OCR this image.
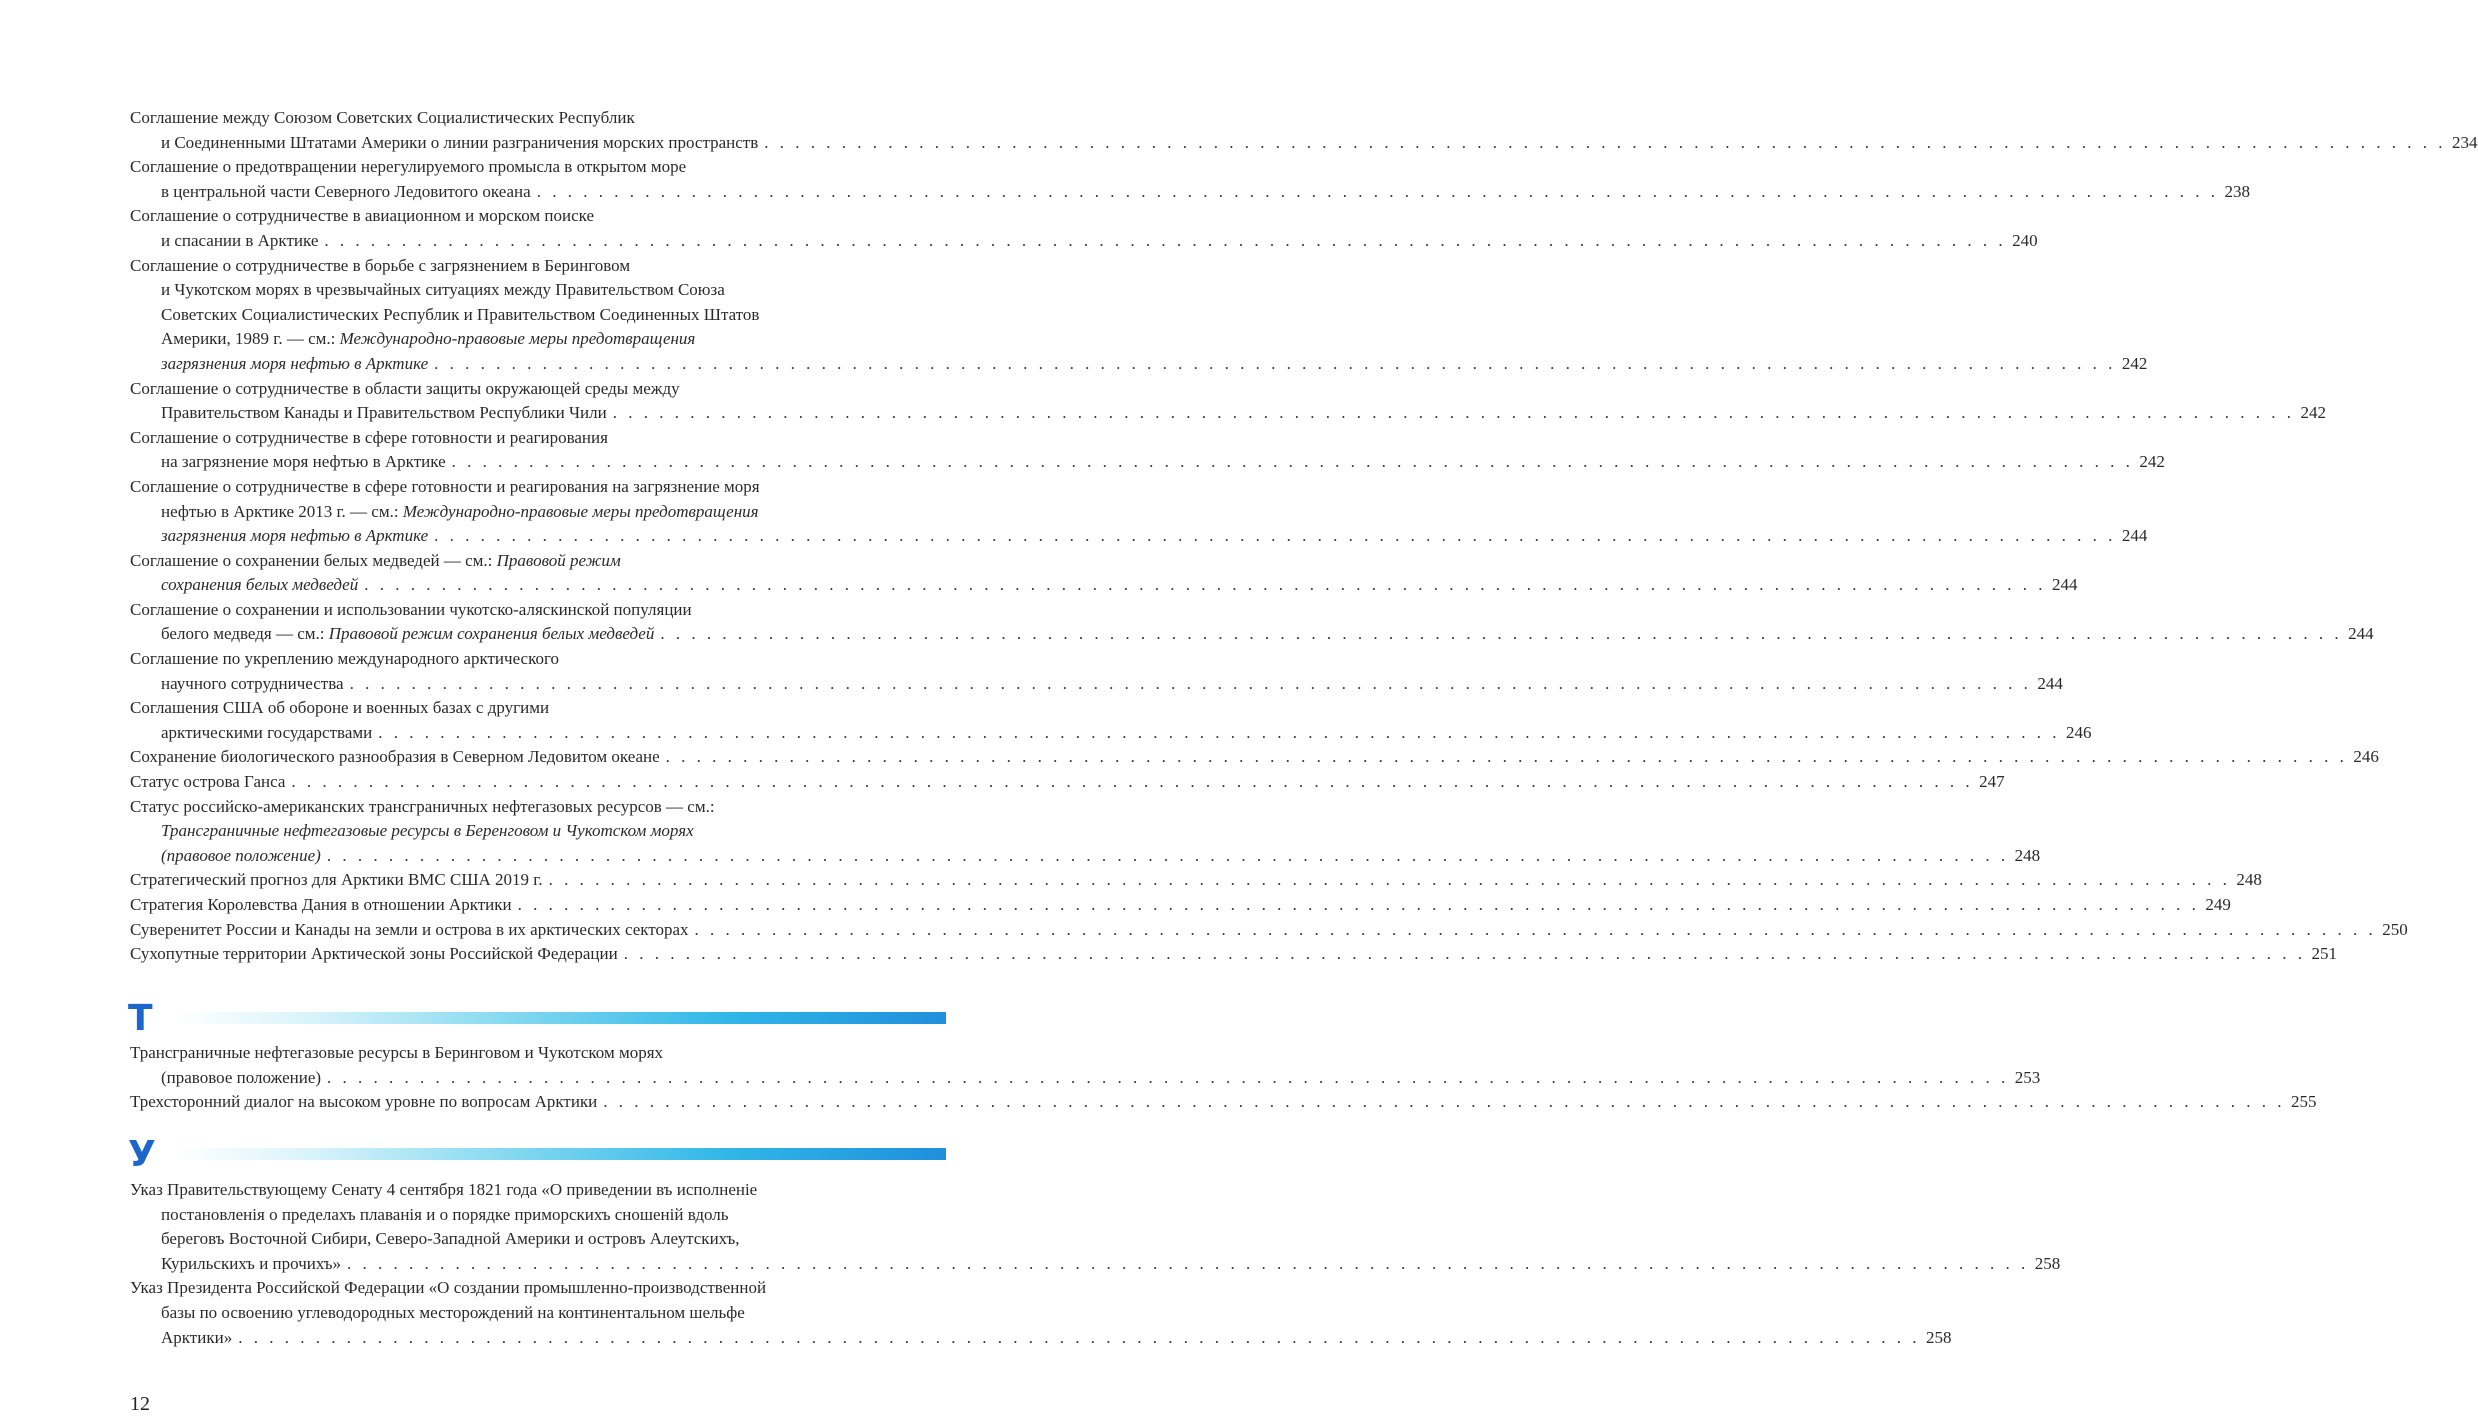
Соглашение между Союзом Советских Социалистических Республик
и Соединенными Штатами Америки о линии разграничения морских пространств . . . . . . . . . . . . . . . . . . . . . . . . . . . . . . . . . . . . . . . . . . . . . . . . . . . . . . . . . . . . . . . . . . . . . . . . . . . . . . . . . . . . . . . . . . . . . . . . . . . . . . . . . . . . . 234
Соглашение о предотвращении нерегулируемого промысла в открытом море
в центральной части Северного Ледовитого океана . . . . . . . . . . . . . . . . . . . . . . . . . . . . . . . . . . . . . . . . . . . . . . . . . . . . . . . . . . . . . . . . . . . . . . . . . . . . . . . . . . . . . . . . . . . . . . . . . . . . . . . . . . . . . 238
Соглашение о сотрудничестве в авиационном и морском поиске
и спасании в Арктике . . . . . . . . . . . . . . . . . . . . . . . . . . . . . . . . . . . . . . . . . . . . . . . . . . . . . . . . . . . . . . . . . . . . . . . . . . . . . . . . . . . . . . . . . . . . . . . . . . . . . . . . . . . . . 240
Соглашение о сотрудничестве в борьбе с загрязнением в Беринговом
и Чукотском морях в чрезвычайных ситуациях между Правительством Союза
Советских Социалистических Республик и Правительством Соединенных Штатов
Америки, 1989 г. — см.: Международно-правовые меры предотвращения
загрязнения моря нефтью в Арктике . . . . . . . . . . . . . . . . . . . . . . . . . . . . . . . . . . . . . . . . . . . . . . . . . . . . . . . . . . . . . . . . . . . . . . . . . . . . . . . . . . . . . . . . . . . . . . . . . . . . . . . . . . . . . 242
Соглашение о сотрудничестве в области защиты окружающей среды между
Правительством Канады и Правительством Республики Чили . . . . . . . . . . . . . . . . . . . . . . . . . . . . . . . . . . . . . . . . . . . . . . . . . . . . . . . . . . . . . . . . . . . . . . . . . . . . . . . . . . . . . . . . . . . . . . . . . . . . . . . . . . . . . 242
Соглашение о сотрудничестве в сфере готовности и реагирования
на загрязнение моря нефтью в Арктике . . . . . . . . . . . . . . . . . . . . . . . . . . . . . . . . . . . . . . . . . . . . . . . . . . . . . . . . . . . . . . . . . . . . . . . . . . . . . . . . . . . . . . . . . . . . . . . . . . . . . . . . . . . . . 242
Соглашение о сотрудничестве в сфере готовности и реагирования на загрязнение моря
нефтью в Арктике 2013 г. — см.: Международно-правовые меры предотвращения
загрязнения моря нефтью в Арктике . . . . . . . . . . . . . . . . . . . . . . . . . . . . . . . . . . . . . . . . . . . . . . . . . . . . . . . . . . . . . . . . . . . . . . . . . . . . . . . . . . . . . . . . . . . . . . . . . . . . . . . . . . . . . 244
Соглашение о сохранении белых медведей — см.: Правовой режим
сохранения белых медведей . . . . . . . . . . . . . . . . . . . . . . . . . . . . . . . . . . . . . . . . . . . . . . . . . . . . . . . . . . . . . . . . . . . . . . . . . . . . . . . . . . . . . . . . . . . . . . . . . . . . . . . . . . . . . 244
Соглашение о сохранении и использовании чукотско-аляскинской популяции
белого медведя — см.: Правовой режим сохранения белых медведей . . . . . . . . . . . . . . . . . . . . . . . . . . . . . . . . . . . . . . . . . . . . . . . . . . . . . . . . . . . . . . . . . . . . . . . . . . . . . . . . . . . . . . . . . . . . . . . . . . . . . . . . . . . . . 244
Соглашение по укреплению международного арктического
научного сотрудничества . . . . . . . . . . . . . . . . . . . . . . . . . . . . . . . . . . . . . . . . . . . . . . . . . . . . . . . . . . . . . . . . . . . . . . . . . . . . . . . . . . . . . . . . . . . . . . . . . . . . . . . . . . . . . 244
Соглашения США об обороне и военных базах с другими
арктическими государствами . . . . . . . . . . . . . . . . . . . . . . . . . . . . . . . . . . . . . . . . . . . . . . . . . . . . . . . . . . . . . . . . . . . . . . . . . . . . . . . . . . . . . . . . . . . . . . . . . . . . . . . . . . . . . 246
Сохранение биологического разнообразия в Северном Ледовитом океане . . . . . . . . . . . . . . . . . . . . . . . . . . . . . . . . . . . . . . . . . . . . . . . . . . . . . . . . . . . . . . . . . . . . . . . . . . . . . . . . . . . . . . . . . . . . . . . . . . . . . . . . . . . . . 246
Статус острова Ганса . . . . . . . . . . . . . . . . . . . . . . . . . . . . . . . . . . . . . . . . . . . . . . . . . . . . . . . . . . . . . . . . . . . . . . . . . . . . . . . . . . . . . . . . . . . . . . . . . . . . . . . . . . . . . 247
Статус российско-американских трансграничных нефтегазовых ресурсов — см.:
Трансграничные нефтегазовые ресурсы в Беренговом и Чукотском морях
(правовое положение) . . . . . . . . . . . . . . . . . . . . . . . . . . . . . . . . . . . . . . . . . . . . . . . . . . . . . . . . . . . . . . . . . . . . . . . . . . . . . . . . . . . . . . . . . . . . . . . . . . . . . . . . . . . . . 248
Стратегический прогноз для Арктики ВМС США 2019 г. . . . . . . . . . . . . . . . . . . . . . . . . . . . . . . . . . . . . . . . . . . . . . . . . . . . . . . . . . . . . . . . . . . . . . . . . . . . . . . . . . . . . . . . . . . . . . . . . . . . . . . . . . . . . . 248
Стратегия Королевства Дания в отношении Арктики . . . . . . . . . . . . . . . . . . . . . . . . . . . . . . . . . . . . . . . . . . . . . . . . . . . . . . . . . . . . . . . . . . . . . . . . . . . . . . . . . . . . . . . . . . . . . . . . . . . . . . . . . . . . . 249
Суверенитет России и Канады на земли и острова в их арктических секторах . . . . . . . . . . . . . . . . . . . . . . . . . . . . . . . . . . . . . . . . . . . . . . . . . . . . . . . . . . . . . . . . . . . . . . . . . . . . . . . . . . . . . . . . . . . . . . . . . . . . . . . . . . . . . 250
Сухопутные территории Арктической зоны Российской Федерации . . . . . . . . . . . . . . . . . . . . . . . . . . . . . . . . . . . . . . . . . . . . . . . . . . . . . . . . . . . . . . . . . . . . . . . . . . . . . . . . . . . . . . . . . . . . . . . . . . . . . . . . . . . . . 251
Т
Трансграничные нефтегазовые ресурсы в Беринговом и Чукотском морях
(правовое положение) . . . . . . . . . . . . . . . . . . . . . . . . . . . . . . . . . . . . . . . . . . . . . . . . . . . . . . . . . . . . . . . . . . . . . . . . . . . . . . . . . . . . . . . . . . . . . . . . . . . . . . . . . . . . . 253
Трехсторонний диалог на высоком уровне по вопросам Арктики . . . . . . . . . . . . . . . . . . . . . . . . . . . . . . . . . . . . . . . . . . . . . . . . . . . . . . . . . . . . . . . . . . . . . . . . . . . . . . . . . . . . . . . . . . . . . . . . . . . . . . . . . . . . . 255
У
Указ Правительствующему Сенату 4 сентября 1821 года «О приведении въ исполненіе
постановленія о пределахъ плаванія и о порядке приморскихъ сношеній вдоль
береговъ Восточной Сибири, Северо-Западной Америки и островъ Алеутскихъ,
Курильскихъ и прочихъ» . . . . . . . . . . . . . . . . . . . . . . . . . . . . . . . . . . . . . . . . . . . . . . . . . . . . . . . . . . . . . . . . . . . . . . . . . . . . . . . . . . . . . . . . . . . . . . . . . . . . . . . . . . . . . 258
Указ Президента Российской Федерации «О создании промышленно-производственной
базы по освоению углеводородных месторождений на континентальном шельфе
Арктики» . . . . . . . . . . . . . . . . . . . . . . . . . . . . . . . . . . . . . . . . . . . . . . . . . . . . . . . . . . . . . . . . . . . . . . . . . . . . . . . . . . . . . . . . . . . . . . . . . . . . . . . . . . . . . 258
12
